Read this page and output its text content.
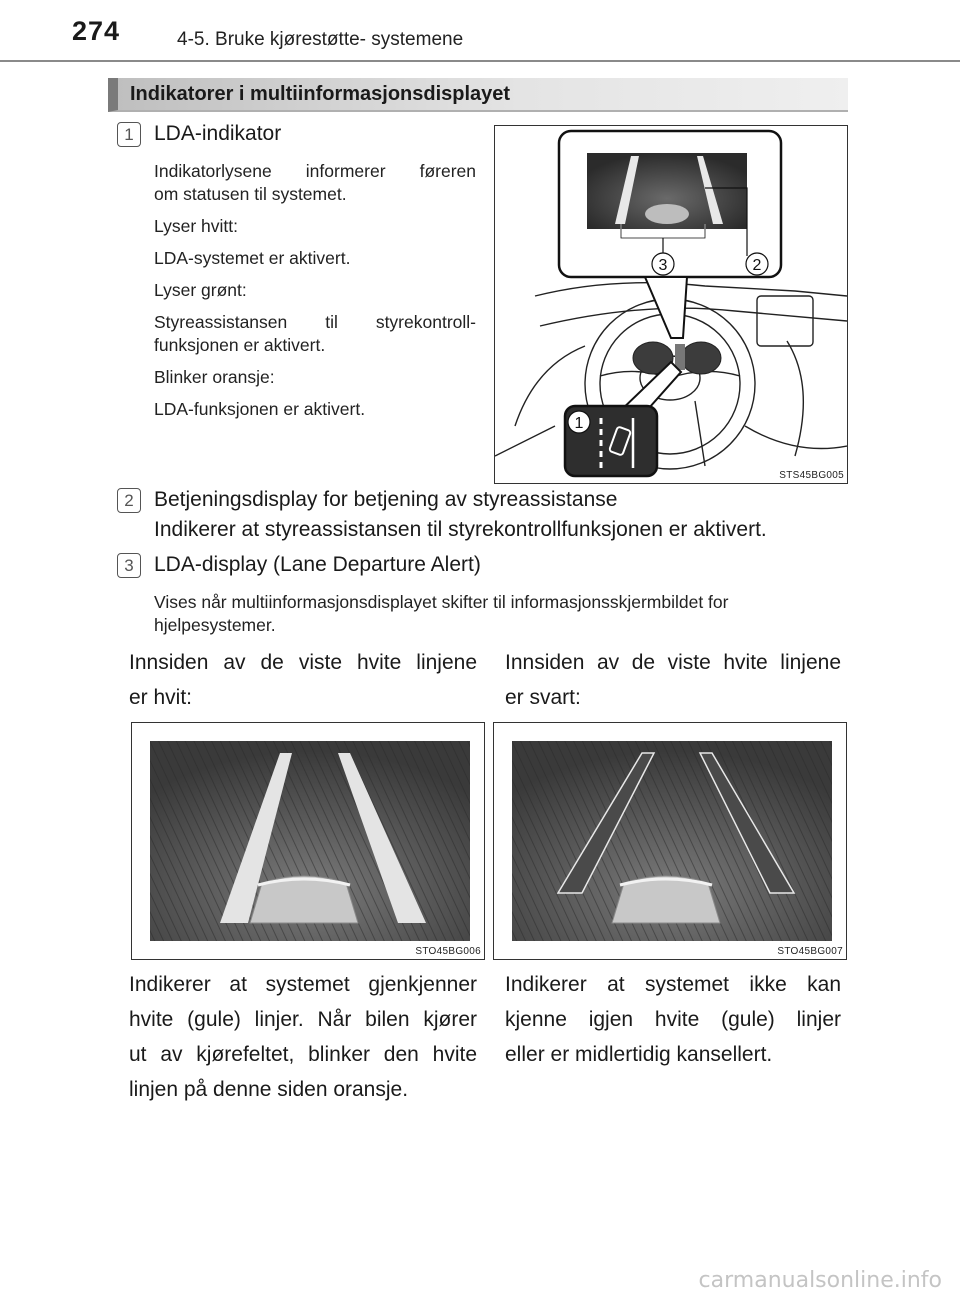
274	4-5. Bruke kjørestøtte- systemene
Indikatorer i multiinformasjonsdisplayet
1 LDA-indikator
Indikatorlysene informerer føreren
om statusen til systemet.
Lyser hvitt:
LDA-systemet er aktivert.
Lyser grønt:
Styreassistansen til styrekontroll-
funksjonen er aktivert.
Blinker oransje:
LDA-funksjonen er aktivert.
3	2
1
STS45BG005
2 Betjeningsdisplay for betjening av styreassistanse
Indikerer at styreassistansen til styrekontrollfunksjonen er aktivert.
3 LDA-display (Lane Departure Alert)
Vises når multiinformasjonsdisplayet skifter til informasjonsskjermbildet for
hjelpesystemer.
Innsiden av de viste hvite linjene
er hvit:
Innsiden av de viste hvite linjene
er svart:
STO45BG006	STO45BG007
Indikerer at systemet gjenkjenner
hvite (gule) linjer. Når bilen kjører
ut av kjørefeltet, blinker den hvite
linjen på denne siden oransje.
Indikerer at systemet ikke kan
kjenne igjen hvite (gule) linjer
eller er midlertidig kansellert.
carmanualsonline.info
